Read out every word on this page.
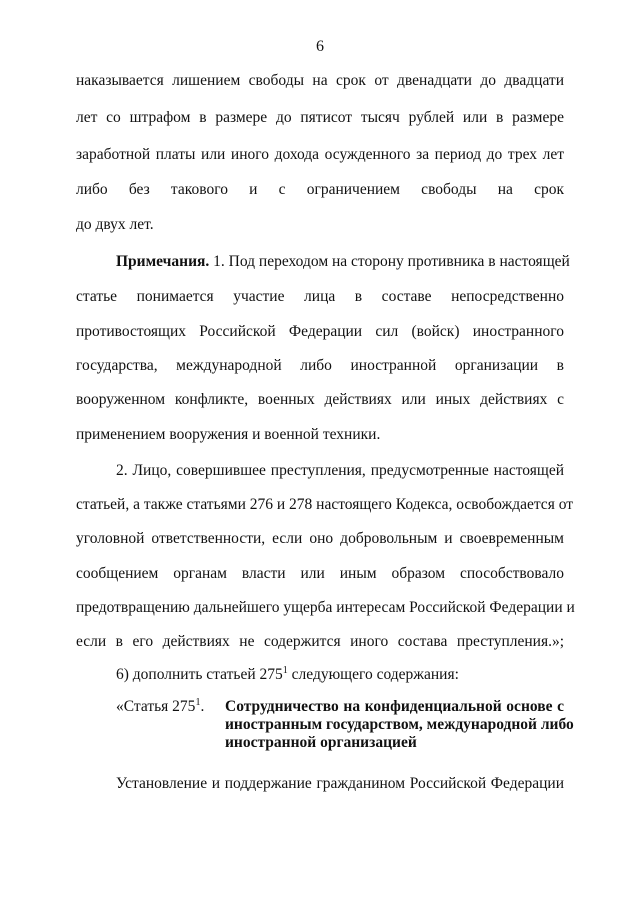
6
наказывается лишением свободы на срок от двенадцати до двадцати
лет со штрафом в размере до пятисот тысяч рублей или в размере
заработной платы или иного дохода осужденного за период до трех лет
либо без такового и с ограничением свободы на срок
до двух лет.
Примечания. 1. Под переходом на сторону противника в настоящей
статье понимается участие лица в составе непосредственно
противостоящих Российской Федерации сил (войск) иностранного
государства, международной либо иностранной организации в
вооруженном конфликте, военных действиях или иных действиях с
применением вооружения и военной техники.
2. Лицо, совершившее преступления, предусмотренные настоящей
статьей, а также статьями 276 и 278 настоящего Кодекса, освобождается от
уголовной ответственности, если оно добровольным и своевременным
сообщением органам власти или иным образом способствовало
предотвращению дальнейшего ущерба интересам Российской Федерации и
если в его действиях не содержится иного состава преступления.»;
6) дополнить статьей $275^1$ следующего содержания:
«Статья $275^1$. Сотрудничество на конфиденциальной основе с
иностранным государством, международной либо
иностранной организацией
Установление и поддержание гражданином Российской Федерации
